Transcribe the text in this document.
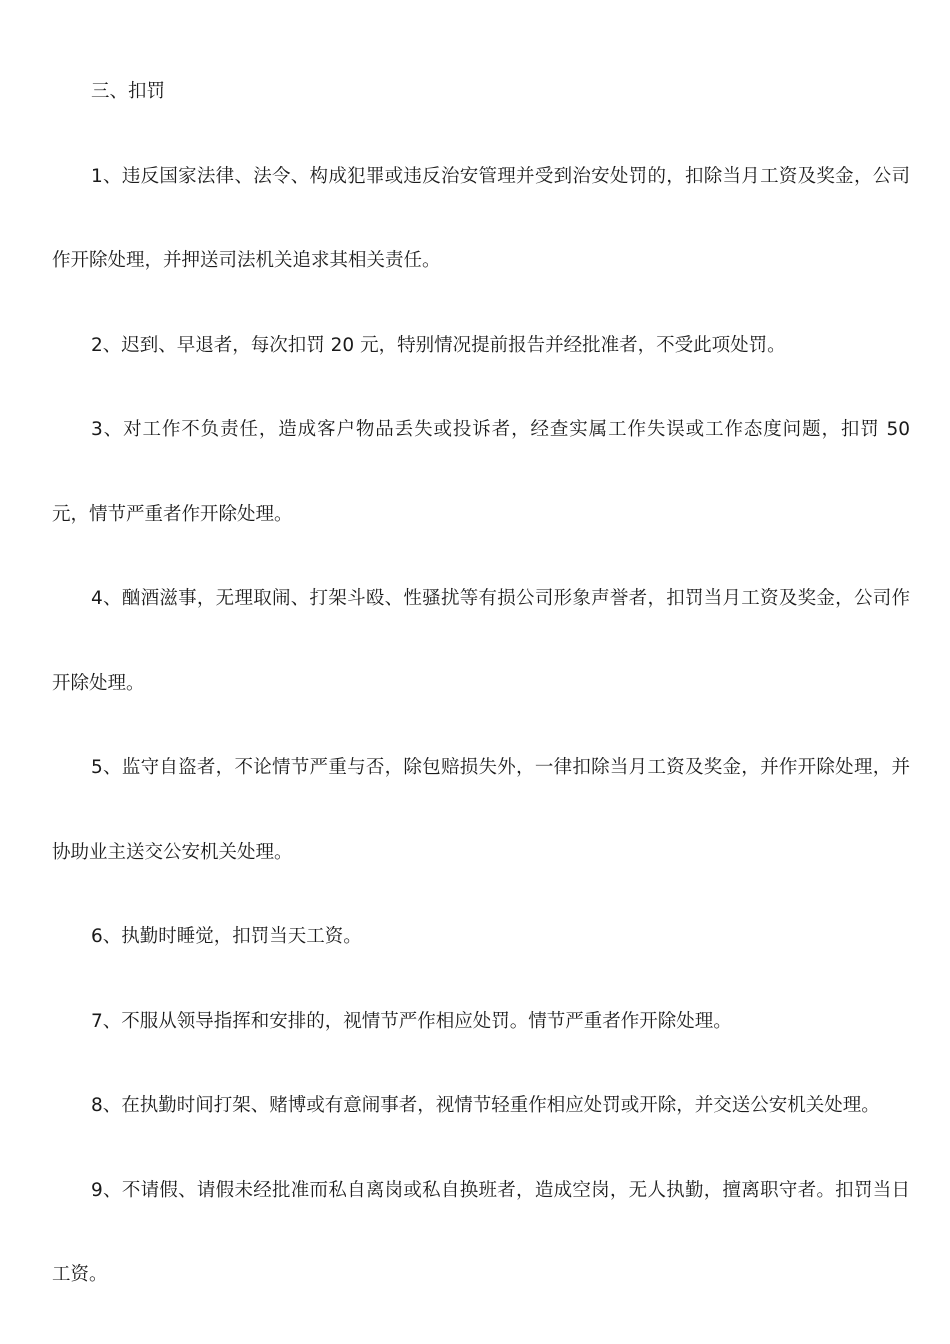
三、扣罚

1、违反国家法律、法令、构成犯罪或违反治安管理并受到治安处罚的，扣除当月工资及奖金，公司作开除处理，并押送司法机关追求其相关责任。

2、迟到、早退者，每次扣罚 20 元，特别情况提前报告并经批准者，不受此项处罚。

3、对工作不负责任，造成客户物品丢失或投诉者，经查实属工作失误或工作态度问题，扣罚 50 元，情节严重者作开除处理。

4、酗酒滋事，无理取闹、打架斗殴、性骚扰等有损公司形象声誉者，扣罚当月工资及奖金，公司作开除处理。

5、监守自盗者，不论情节严重与否，除包赔损失外，一律扣除当月工资及奖金，并作开除处理，并协助业主送交公安机关处理。

6、执勤时睡觉，扣罚当天工资。

7、不服从领导指挥和安排的，视情节严作相应处罚。情节严重者作开除处理。

8、在执勤时间打架、赌博或有意闹事者，视情节轻重作相应处罚或开除，并交送公安机关处理。

9、不请假、请假未经批准而私自离岗或私自换班者，造成空岗，无人执勤，擅离职守者。扣罚当日工资。
